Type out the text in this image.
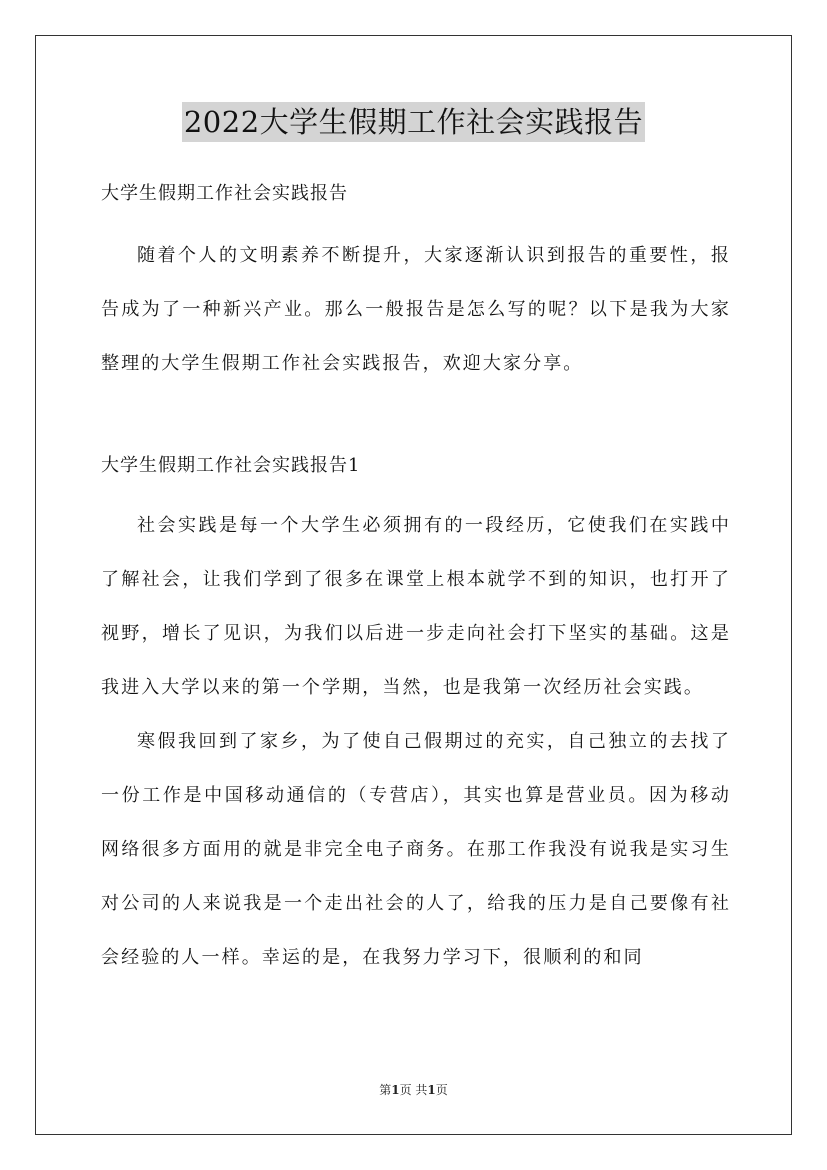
2022大学生假期工作社会实践报告
大学生假期工作社会实践报告

随着个人的文明素养不断提升，大家逐渐认识到报告的重要性，报告成为了一种新兴产业。那么一般报告是怎么写的呢？以下是我为大家整理的大学生假期工作社会实践报告，欢迎大家分享。

大学生假期工作社会实践报告1

社会实践是每一个大学生必须拥有的一段经历，它使我们在实践中了解社会，让我们学到了很多在课堂上根本就学不到的知识，也打开了视野，增长了见识，为我们以后进一步走向社会打下坚实的基础。这是我进入大学以来的第一个学期，当然，也是我第一次经历社会实践。

寒假我回到了家乡，为了使自己假期过的充实，自己独立的去找了一份工作是中国移动通信的（专营店），其实也算是营业员。因为移动网络很多方面用的就是非完全电子商务。在那工作我没有说我是实习生对公司的人来说我是一个走出社会的人了，给我的压力是自己要像有社会经验的人一样。幸运的是，在我努力学习下，很顺利的和同

第1页 共1页
